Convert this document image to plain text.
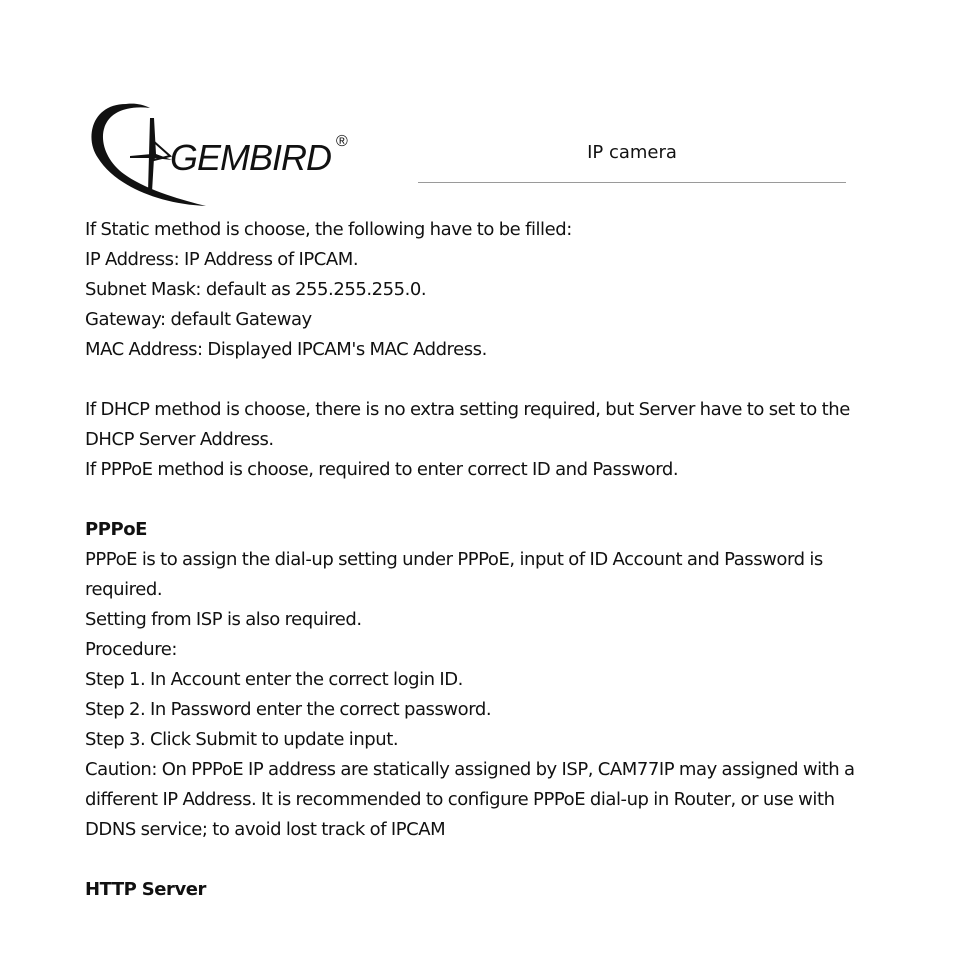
GEMBIRD ®
IP camera

If Static method is choose, the following have to be filled:

IP Address: IP Address of IPCAM.

Subnet Mask: default as 255.255.255.0.

Gateway: default Gateway

MAC Address: Displayed IPCAM's MAC Address.

If DHCP method is choose, there is no extra setting required, but Server have to set to the

DHCP Server Address.

If PPPoE method is choose, required to enter correct ID and Password.

PPPoE

PPPoE is to assign the dial-up setting under PPPoE, input of ID Account and Password is

required.

Setting from ISP is also required.

Procedure:

Step 1. In Account enter the correct login ID.

Step 2. In Password enter the correct password.

Step 3. Click Submit to update input.

Caution: On PPPoE IP address are statically assigned by ISP, CAM77IP may assigned with a

different IP Address. It is recommended to configure PPPoE dial-up in Router, or use with

DDNS service; to avoid lost track of IPCAM

HTTP Server
